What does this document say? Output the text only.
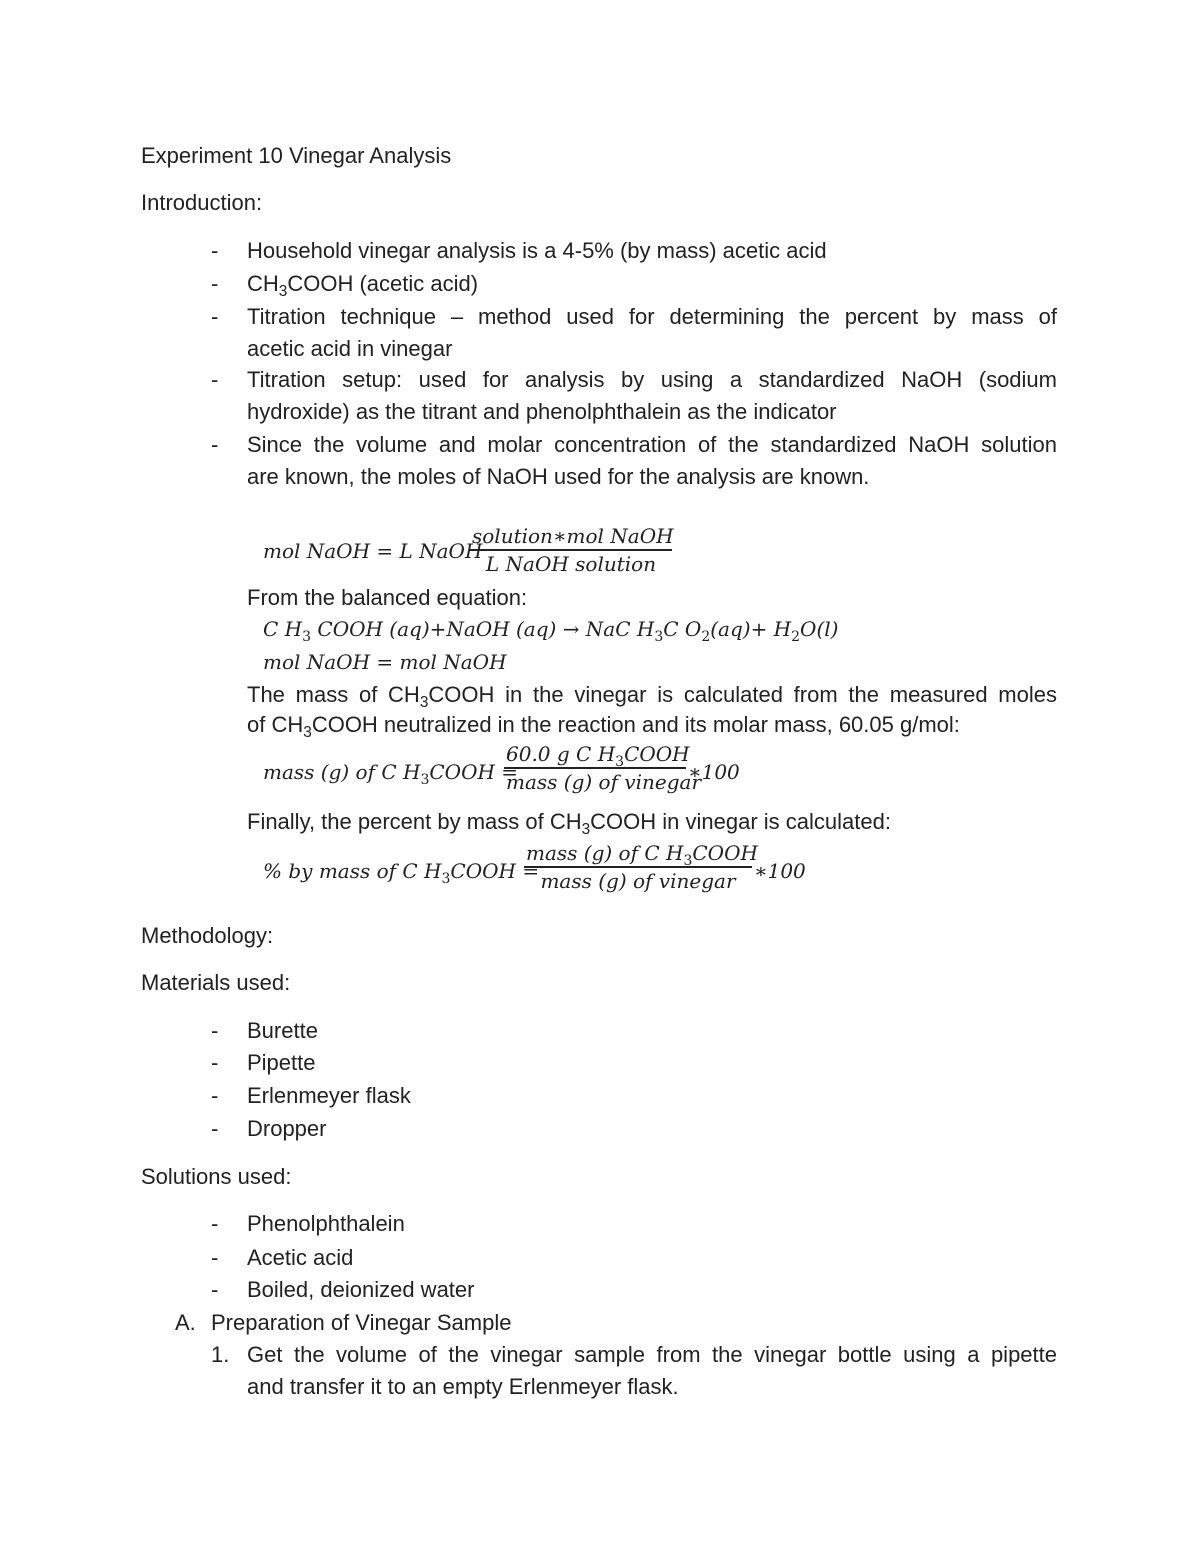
Experiment 10 Vinegar Analysis
Introduction:
- Household vinegar analysis is a 4-5% (by mass) acetic acid
- $CH_3COOH$ (acetic acid)
- Titration technique – method used for determining the percent by mass of
acetic acid in vinegar
- Titration setup: used for analysis by using a standardized NaOH (sodium
hydroxide) as the titrant and phenolphthalein as the indicator
- Since the volume and molar concentration of the standardized NaOH solution
are known, the moles of NaOH used for the analysis are known.
mol NaOH = L NaOH
solution∗mol NaOH
L NaOH solution
From the balanced equation:
C $H_3$ COOH (aq)+NaOH (aq) → NaC $H_3C$ $O_2(aq)+ H_2O(l)$
mol NaOH = mol NaOH
The mass of $CH_3COOH$ in the vinegar is calculated from the measured moles
of $CH_3COOH$ neutralized in the reaction and its molar mass, 60.05 g/mol:
mass (g) of C $H_3COOH$ =
60.0 g C $H_3COOH$
mass (g) of vinegar
∗100
Finally, the percent by mass of $CH_3COOH$ in vinegar is calculated:
% by mass of C $H_3COOH$ =
mass (g) of C $H_3COOH$
mass (g) of vinegar ∗100
Methodology:
Materials used:
- Burette
- Pipette
- Erlenmeyer flask
- Dropper
Solutions used:
- Phenolphthalein
- Acetic acid
- Boiled, deionized water
A. Preparation of Vinegar Sample
1. Get the volume of the vinegar sample from the vinegar bottle using a pipette
and transfer it to an empty Erlenmeyer flask.
